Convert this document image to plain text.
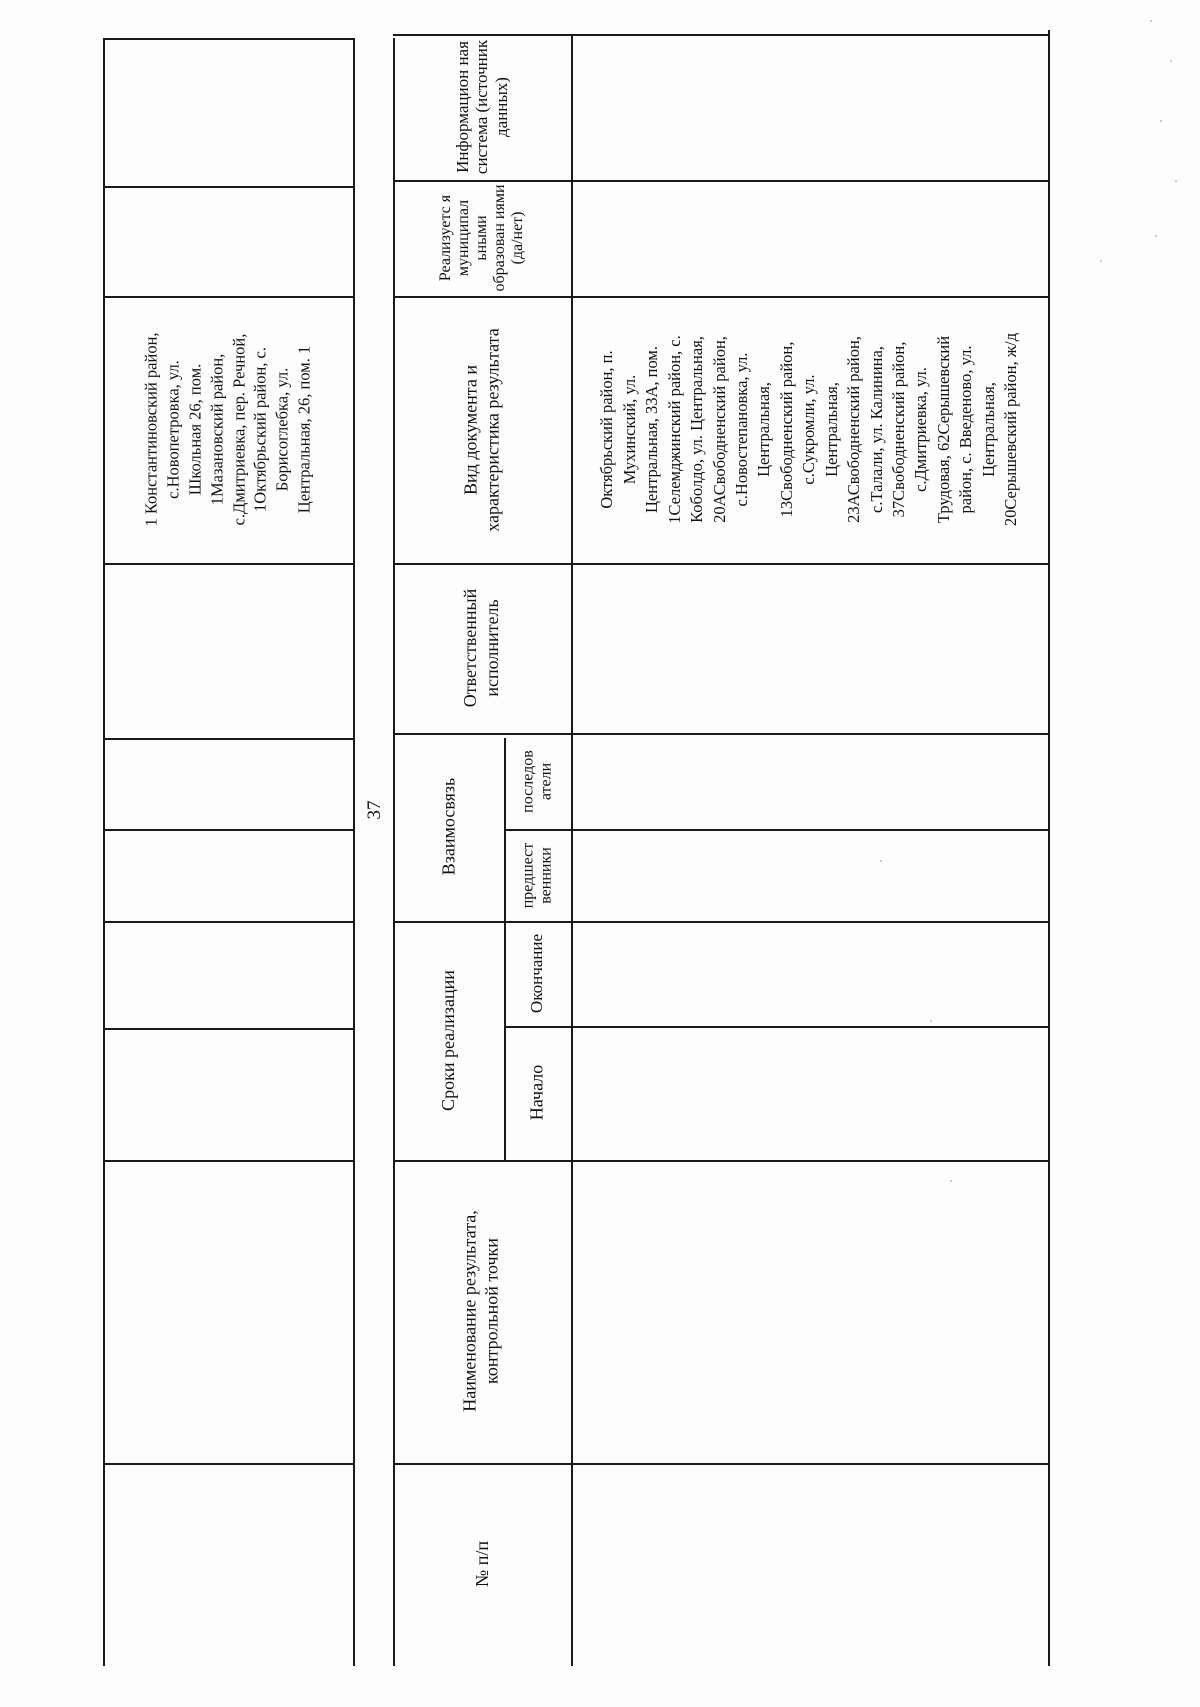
1 Константиновский район, с.Новопетровка, ул. Школьная 26, пом. 1Мазановский район, с.Дмитриевка, пер. Речной, 1Октябрьский район, с. Борисоглебка, ул. Центральная, 26, пом. 1
37
№ п/п
Наименование результата, контрольной точки
Сроки реализации	Начало
Окончание
Взаимосвязь
предшест венники
последов атели
Ответственный исполнитель
Вид документа и характеристика результата
Реализуетс я муниципал ьными образован иями (да/нет)
Информацион ная система (источник данных)
Октябрьский район, п. Мухинский, ул. Центральная, 33А, пом. 1Селемджинский район, с. Коболдо, ул. Центральная, 20АСвободненский район, с.Новостепановка, ул. Центральная, 13Свободненский район, с.Сукромли, ул. Центральная, 23АСвободненский район, с.Талали, ул. Калинина, 37Свободненский район, с.Дмитриевка, ул. Трудовая, 62Серышевский район, с. Введеново, ул. Центральная, 20Серышевский район, ж/д
